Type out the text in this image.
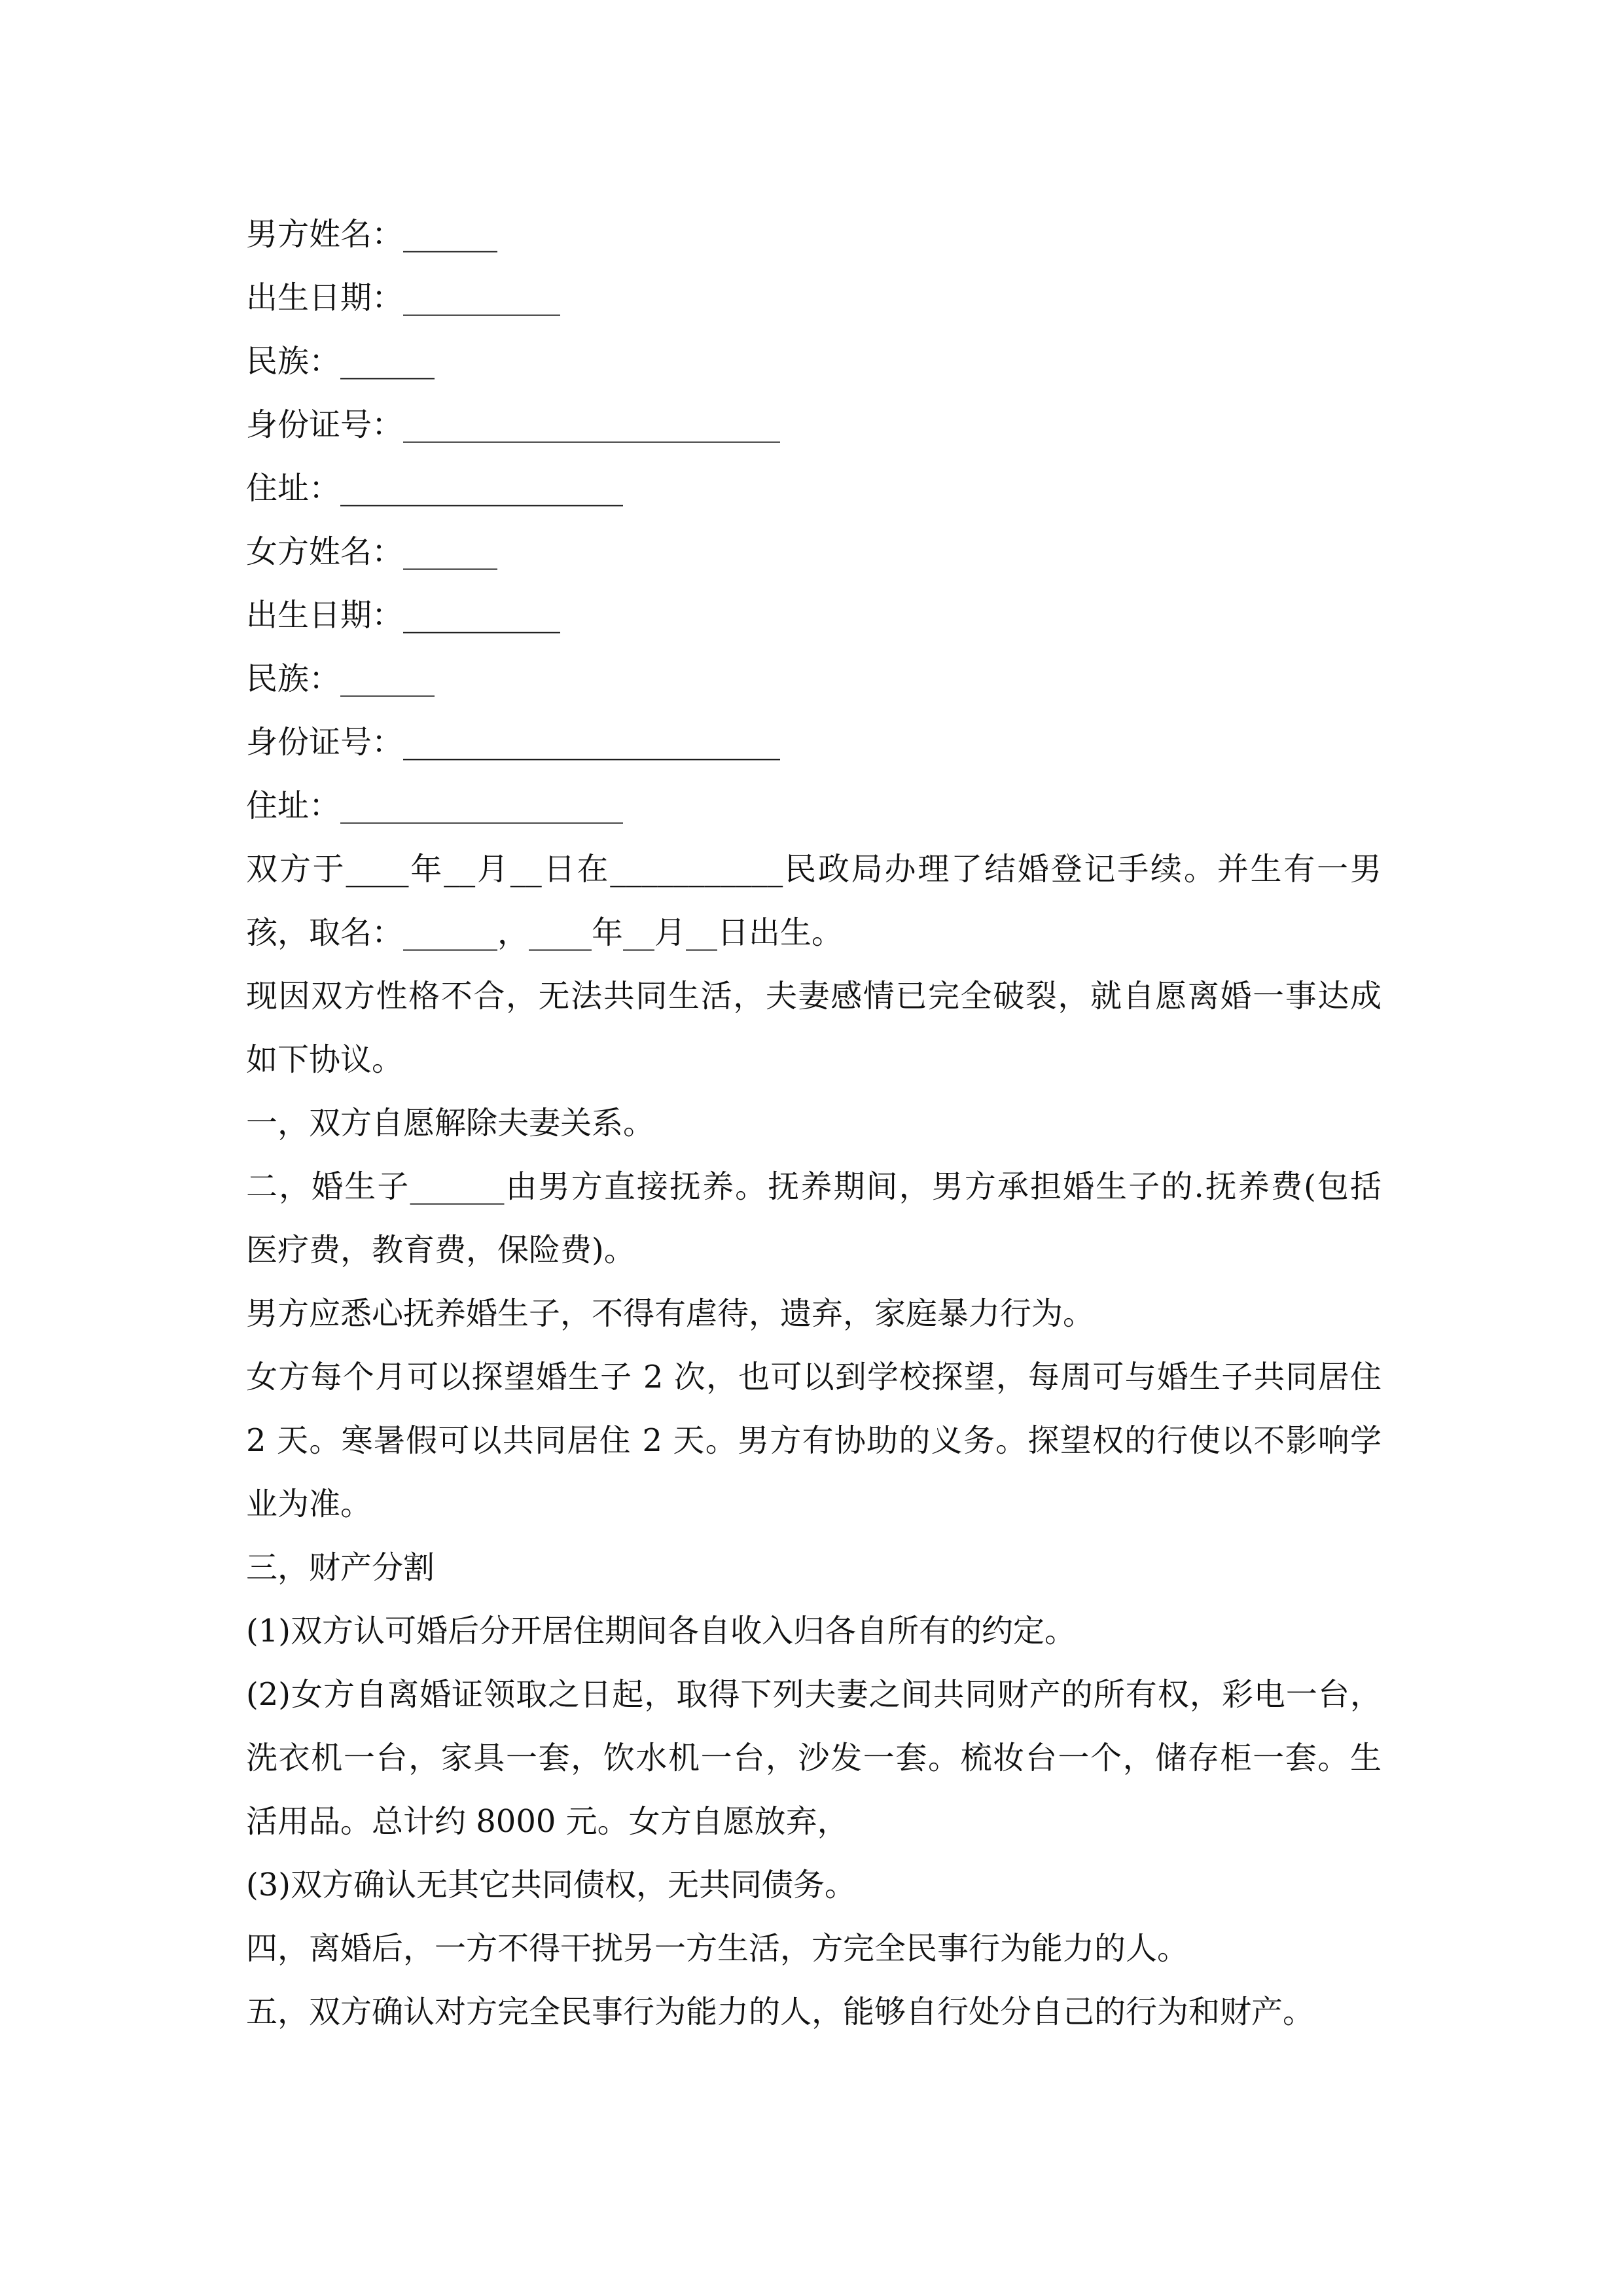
男方姓名：______
出生日期：__________
民族：______
身份证号：________________________
住址：__________________
女方姓名：______
出生日期：__________
民族：______
身份证号：________________________
住址：__________________
双方于____年__月__日在___________民政局办理了结婚登记手续。并生有一男
孩，取名：______，____年__月__日出生。
现因双方性格不合，无法共同生活，夫妻感情已完全破裂，就自愿离婚一事达成
如下协议。
一，双方自愿解除夫妻关系。
二，婚生子______由男方直接抚养。抚养期间，男方承担婚生子的.抚养费(包括
医疗费，教育费，保险费)。
男方应悉心抚养婚生子，不得有虐待，遗弃，家庭暴力行为。
女方每个月可以探望婚生子 2 次，也可以到学校探望，每周可与婚生子共同居住
2 天。寒暑假可以共同居住 2 天。男方有协助的义务。探望权的行使以不影响学
业为准。
三，财产分割
(1)双方认可婚后分开居住期间各自收入归各自所有的约定。
(2)女方自离婚证领取之日起，取得下列夫妻之间共同财产的所有权，彩电一台，
洗衣机一台，家具一套，饮水机一台，沙发一套。梳妆台一个，储存柜一套。生
活用品。总计约 8000 元。女方自愿放弃，
(3)双方确认无其它共同债权，无共同债务。
四，离婚后，一方不得干扰另一方生活，方完全民事行为能力的人。
五，双方确认对方完全民事行为能力的人，能够自行处分自己的行为和财产。
